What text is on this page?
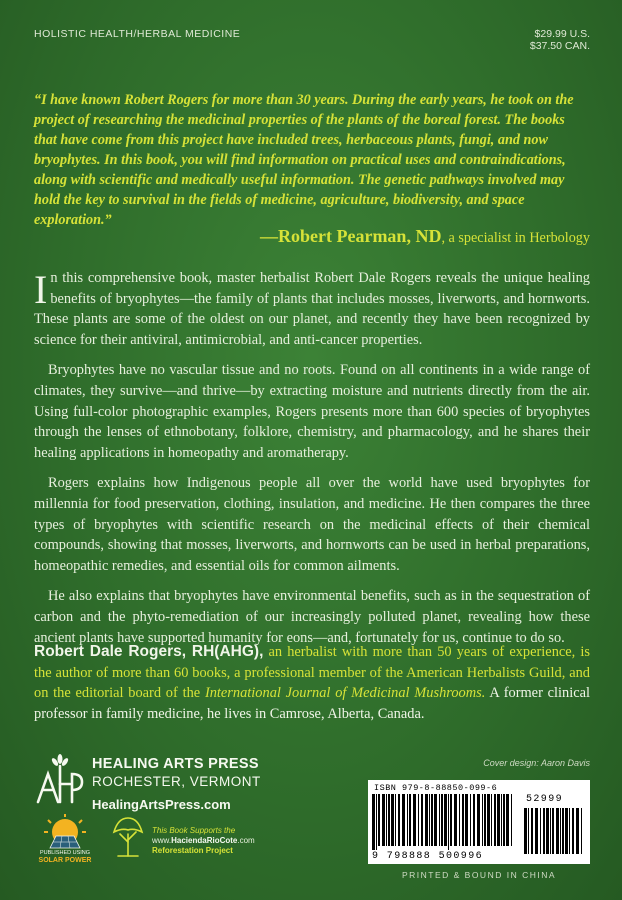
HOLISTIC HEALTH/HERBAL MEDICINE	$29.99 U.S.
$37.50 CAN.

“I have known Robert Rogers for more than 30 years. During the early years, he took on the project of researching the medicinal properties of the plants of the boreal forest. The books that have come from this project have included trees, herbaceous plants, fungi, and now bryophytes. In this book, you will find information on practical uses and contraindications, along with scientific and medically useful information. The genetic pathways involved may hold the key to survival in the fields of medicine, agriculture, biodiversity, and space exploration.”

—Robert Pearman, ND, a specialist in Herbology

In this comprehensive book, master herbalist Robert Dale Rogers reveals the unique healing benefits of bryophytes—the family of plants that includes mosses, liverworts, and hornworts. These plants are some of the oldest on our planet, and recently they have been recognized by science for their antiviral, antimicrobial, and anti-cancer properties.

Bryophytes have no vascular tissue and no roots. Found on all continents in a wide range of climates, they survive—and thrive—by extracting moisture and nutrients directly from the air. Using full-color photographic examples, Rogers presents more than 600 species of bryophytes through the lenses of ethnobotany, folklore, chemistry, and pharmacology, and he shares their healing applications in homeopathy and aromatherapy.

Rogers explains how Indigenous people all over the world have used bryophytes for millennia for food preservation, clothing, insulation, and medicine. He then compares the three types of bryophytes with scientific research on the medicinal effects of their chemical compounds, showing that mosses, liverworts, and hornworts can be used in herbal preparations, homeopathic remedies, and essential oils for common ailments.

He also explains that bryophytes have environmental benefits, such as in the sequestration of carbon and the phyto-remediation of our increasingly polluted planet, revealing how these ancient plants have supported humanity for eons—and, fortunately for us, continue to do so.

Robert Dale Rogers, RH(AHG), an herbalist with more than 50 years of experience, is the author of more than 60 books, a professional member of the American Herbalists Guild, and on the editorial board of the International Journal of Medicinal Mushrooms. A former clinical professor in family medicine, he lives in Camrose, Alberta, Canada.

HEALING ARTS PRESS
ROCHESTER, VERMONT
HealingArtsPress.com
Cover design: Aaron Davis
ISBN 979-8-88850-099-6
9 798888 500996
52999
PRINTED & BOUND IN CHINA
PUBLISHED USING
SOLAR POWER
This Book Supports the
www.HaciendaRioCote.com
Reforestation Project
